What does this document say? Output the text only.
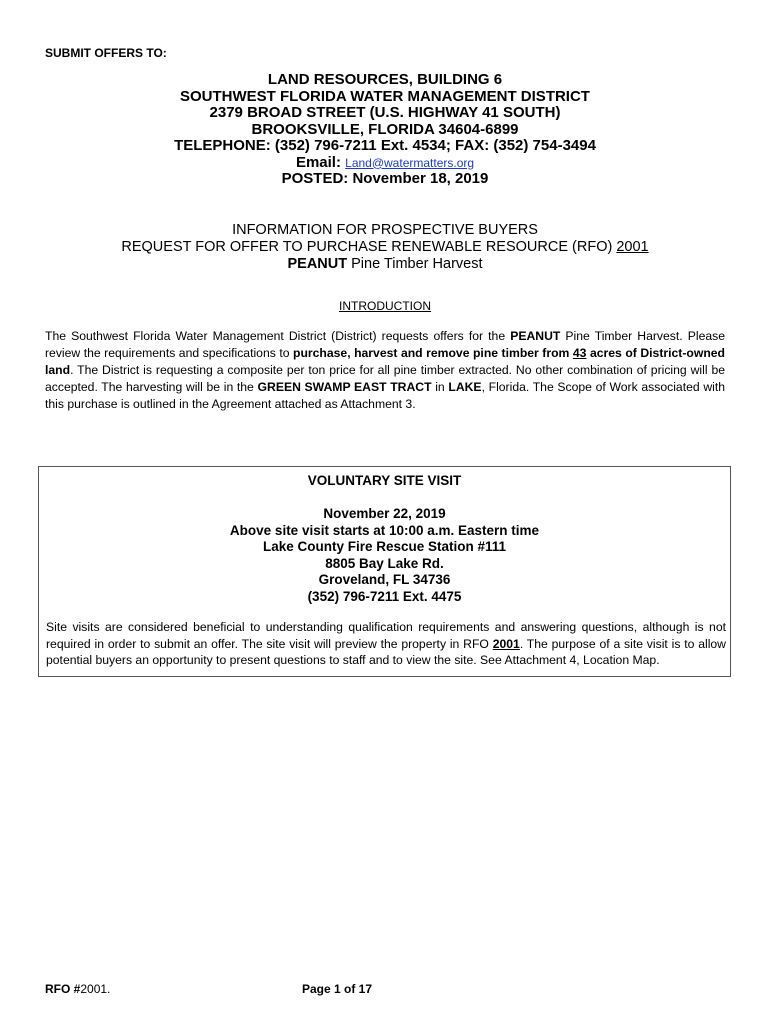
SUBMIT OFFERS TO:
LAND RESOURCES, BUILDING 6
SOUTHWEST FLORIDA WATER MANAGEMENT DISTRICT
2379 BROAD STREET (U.S. HIGHWAY 41 SOUTH)
BROOKSVILLE, FLORIDA 34604-6899
TELEPHONE: (352) 796-7211 Ext. 4534; FAX: (352) 754-3494
Email: Land@watermatters.org
POSTED: November 18, 2019
INFORMATION FOR PROSPECTIVE BUYERS
REQUEST FOR OFFER TO PURCHASE RENEWABLE RESOURCE (RFO) 2001
PEANUT Pine Timber Harvest
INTRODUCTION
The Southwest Florida Water Management District (District) requests offers for the PEANUT Pine Timber Harvest. Please review the requirements and specifications to purchase, harvest and remove pine timber from 43 acres of District-owned land. The District is requesting a composite per ton price for all pine timber extracted. No other combination of pricing will be accepted. The harvesting will be in the GREEN SWAMP EAST TRACT in LAKE, Florida. The Scope of Work associated with this purchase is outlined in the Agreement attached as Attachment 3.
VOLUNTARY SITE VISIT
November 22, 2019
Above site visit starts at 10:00 a.m. Eastern time
Lake County Fire Rescue Station #111
8805 Bay Lake Rd.
Groveland, FL 34736
(352) 796-7211 Ext. 4475
Site visits are considered beneficial to understanding qualification requirements and answering questions, although is not required in order to submit an offer. The site visit will preview the property in RFO 2001. The purpose of a site visit is to allow potential buyers an opportunity to present questions to staff and to view the site. See Attachment 4, Location Map.
RFO #2001.	Page 1 of 17
